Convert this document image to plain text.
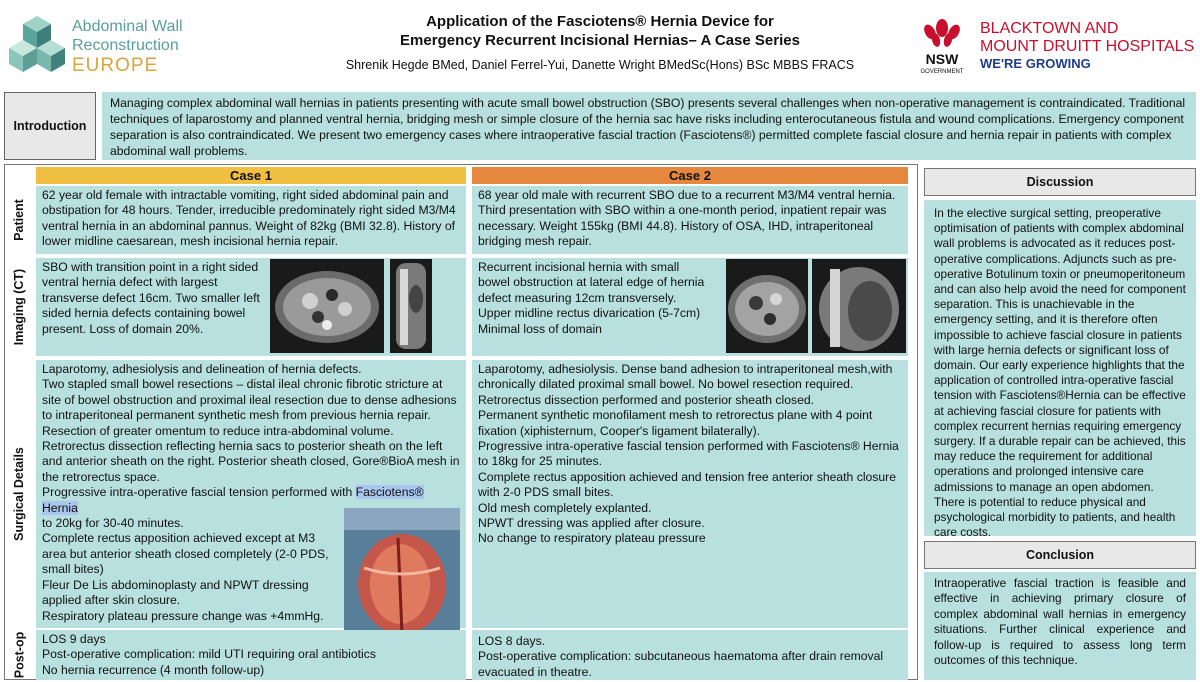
Abdominal Wall
Reconstruction
EUROPE
Application of the Fasciotens® Hernia Device for
Emergency Recurrent Incisional Hernias– A Case Series
Shrenik Hegde BMed, Daniel Ferrel-Yui, Danette Wright BMedSc(Hons) BSc MBBS FRACS	NSW
GOVERNMENT
BLACKTOWN AND
MOUNT DRUITT HOSPITALS
WE'RE GROWING
Introduction
Managing complex abdominal wall hernias in patients presenting with acute small bowel obstruction (SBO) presents several challenges when non-operative management is contraindicated. Traditional techniques of laparostomy and planned ventral hernia, bridging mesh or simple closure of the hernia sac have risks including enterocutaneous fistula and wound complications. Emergency component separation is also contraindicated. We present two emergency cases where intraoperative fascial traction (Fasciotens®) permitted complete fascial closure and hernia repair in patients with complex abdominal wall problems.
Case 1	Case 2
Patient
Imaging (CT)
Surgical Details
Post-op
62 year old female with intractable vomiting, right sided abdominal pain and obstipation for 48 hours. Tender, irreducible predominately right sided M3/M4 ventral hernia in an abdominal pannus. Weight of 82kg (BMI 32.8). History of lower midline caesarean, mesh incisional hernia repair.
SBO with transition point in a right sided ventral hernia defect with largest transverse defect 16cm. Two smaller left sided hernia defects containing bowel present. Loss of domain 20%.
Laparotomy, adhesiolysis and delineation of hernia defects.
Two stapled small bowel resections – distal ileal chronic fibrotic stricture at site of bowel obstruction and proximal ileal resection due to dense adhesions to intraperitoneal permanent synthetic mesh from previous hernia repair.
Resection of greater omentum to reduce intra-abdominal volume.
Retrorectus dissection reflecting hernia sacs to posterior sheath on the left and anterior sheath on the right. Posterior sheath closed, Gore®BioA mesh in the retrorectus space.
Progressive intra-operative fascial tension performed with Fasciotens® Hernia
to 20kg for 30-40 minutes.
Complete rectus apposition achieved except at M3 area but anterior sheath closed completely (2-0 PDS, small bites)
Fleur De Lis abdominoplasty and NPWT dressing applied after skin closure.
Respiratory plateau pressure change was +4mmHg.
LOS 9 days
Post-operative complication: mild UTI requiring oral antibiotics
No hernia recurrence (4 month follow-up)
68 year old male with recurrent SBO due to a recurrent M3/M4 ventral hernia. Third presentation with SBO within a one-month period, inpatient repair was necessary. Weight 155kg (BMI 44.8). History of OSA, IHD, intraperitoneal bridging mesh repair.
Recurrent incisional hernia with small bowel obstruction at lateral edge of hernia defect measuring 12cm transversely.
Upper midline rectus divarication (5-7cm)
Minimal loss of domain
Laparotomy, adhesiolysis. Dense band adhesion to intraperitoneal mesh,with chronically dilated proximal small bowel. No bowel resection required.
Retrorectus dissection performed and posterior sheath closed.
Permanent synthetic monofilament mesh to retrorectus plane with 4 point fixation (xiphisternum, Cooper's ligament bilaterally).
Progressive intra-operative fascial tension performed with Fasciotens® Hernia to 18kg for 25 minutes.
Complete rectus apposition achieved and tension free anterior sheath closure with 2-0 PDS small bites.
Old mesh completely explanted.
NPWT dressing was applied after closure.
No change to respiratory plateau pressure
LOS 8 days.
Post-operative complication: subcutaneous haematoma after drain removal evacuated in theatre.
Discussion
In the elective surgical setting, preoperative optimisation of patients with complex abdominal wall problems is advocated as it reduces post-operative complications. Adjuncts such as pre-operative Botulinum toxin or pneumoperitoneum and can also help avoid the need for component separation. This is unachievable in the emergency setting, and it is therefore often impossible to achieve fascial closure in patients with large hernia defects or significant loss of domain. Our early experience highlights that the application of controlled intra-operative fascial tension with Fasciotens®Hernia can be effective at achieving fascial closure for patients with complex recurrent hernias requiring emergency surgery. If a durable repair can be achieved, this may reduce the requirement for additional operations and prolonged intensive care admissions to manage an open abdomen. There is potential to reduce physical and psychological morbidity to patients, and health care costs.
Conclusion
Intraoperative fascial traction is feasible and effective in achieving primary closure of complex abdominal wall hernias in emergency situations. Further clinical experience and follow-up is required to assess long term outcomes of this technique.
